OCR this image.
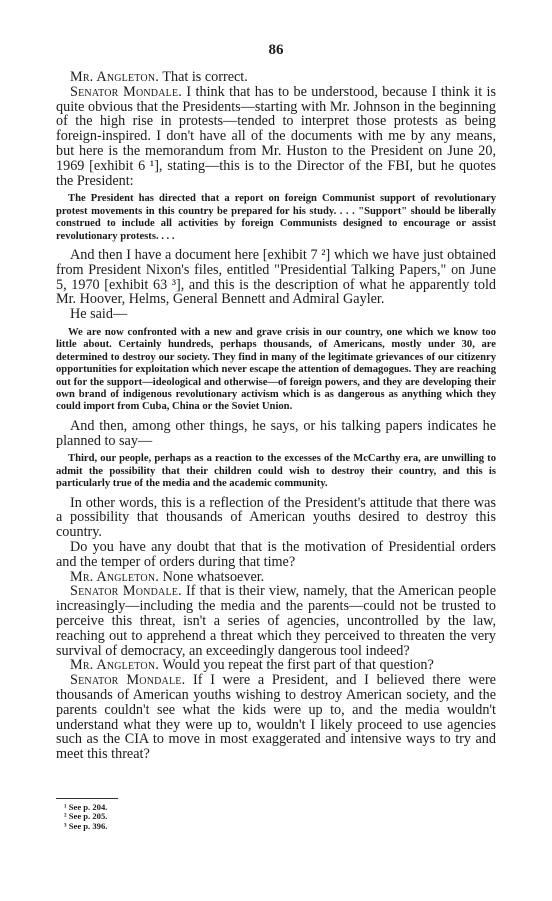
86

Mr. Angleton. That is correct.

Senator Mondale. I think that has to be understood, because I think it is quite obvious that the Presidents—starting with Mr. Johnson in the beginning of the high rise in protests—tended to interpret those protests as being foreign-inspired. I don't have all of the documents with me by any means, but here is the memorandum from Mr. Huston to the President on June 20, 1969 [exhibit 6 ¹], stating—this is to the Director of the FBI, but he quotes the President:

The President has directed that a report on foreign Communist support of revolutionary protest movements in this country be prepared for his study. . . . "Support" should be liberally construed to include all activities by foreign Communists designed to encourage or assist revolutionary protests. . . .

And then I have a document here [exhibit 7 ²] which we have just obtained from President Nixon's files, entitled "Presidential Talking Papers," on June 5, 1970 [exhibit 63 ³], and this is the description of what he apparently told Mr. Hoover, Helms, General Bennett and Admiral Gayler.

He said—

We are now confronted with a new and grave crisis in our country, one which we know too little about. Certainly hundreds, perhaps thousands, of Americans, mostly under 30, are determined to destroy our society. They find in many of the legitimate grievances of our citizenry opportunities for exploitation which never escape the attention of demagogues. They are reaching out for the support—ideological and otherwise—of foreign powers, and they are developing their own brand of indigenous revolutionary activism which is as dangerous as anything which they could import from Cuba, China or the Soviet Union.

And then, among other things, he says, or his talking papers indicates he planned to say—

Third, our people, perhaps as a reaction to the excesses of the McCarthy era, are unwilling to admit the possibility that their children could wish to destroy their country, and this is particularly true of the media and the academic community.

In other words, this is a reflection of the President's attitude that there was a possibility that thousands of American youths desired to destroy this country.

Do you have any doubt that that is the motivation of Presidential orders and the temper of orders during that time?

Mr. Angleton. None whatsoever.

Senator Mondale. If that is their view, namely, that the American people increasingly—including the media and the parents—could not be trusted to perceive this threat, isn't a series of agencies, uncontrolled by the law, reaching out to apprehend a threat which they perceived to threaten the very survival of democracy, an exceedingly dangerous tool indeed?

Mr. Angleton. Would you repeat the first part of that question?

Senator Mondale. If I were a President, and I believed there were thousands of American youths wishing to destroy American society, and the parents couldn't see what the kids were up to, and the media wouldn't understand what they were up to, wouldn't I likely proceed to use agencies such as the CIA to move in most exaggerated and intensive ways to try and meet this threat?

¹ See p. 204.
² See p. 205.
³ See p. 396.
